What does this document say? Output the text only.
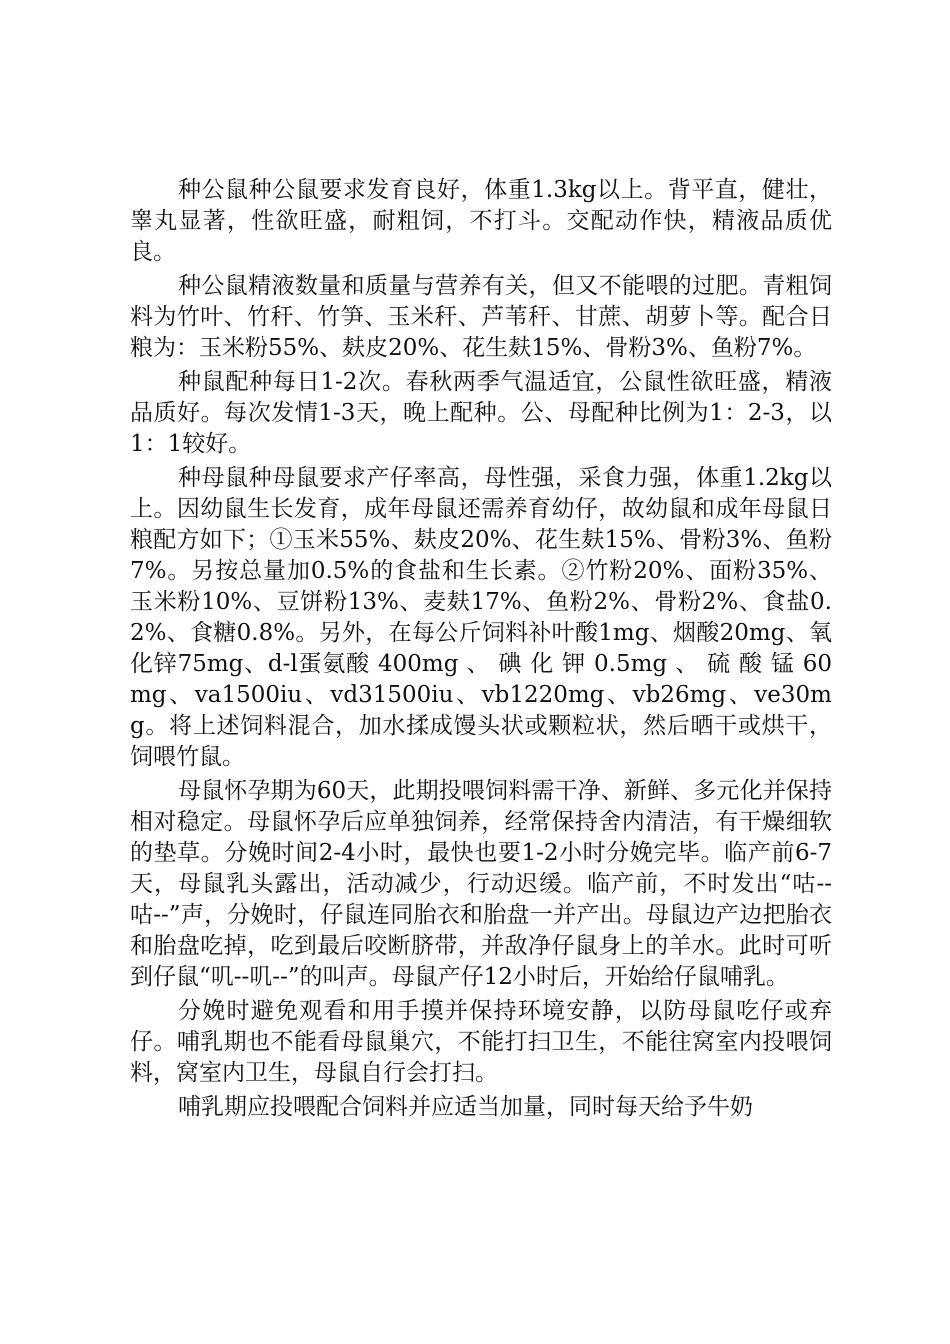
种公鼠种公鼠要求发育良好，体重1.3kg以上。背平直，健壮，睾丸显著，性欲旺盛，耐粗饲，不打斗。交配动作快，精液品质优良。

种公鼠精液数量和质量与营养有关，但又不能喂的过肥。青粗饲料为竹叶、竹秆、竹笋、玉米秆、芦苇秆、甘蔗、胡萝卜等。配合日粮为：玉米粉55%、麸皮20%、花生麸15%、骨粉3%、鱼粉7%。

种鼠配种每日1-2次。春秋两季气温适宜，公鼠性欲旺盛，精液品质好。每次发情1-3天，晚上配种。公、母配种比例为1：2-3，以1：1较好。

种母鼠种母鼠要求产仔率高，母性强，采食力强，体重1.2kg以上。因幼鼠生长发育，成年母鼠还需养育幼仔，故幼鼠和成年母鼠日粮配方如下；①玉米55%、麸皮20%、花生麸15%、骨粉3%、鱼粉7%。另按总量加0.5%的食盐和生长素。②竹粉20%、面粉35%、玉米粉10%、豆饼粉13%、麦麸17%、鱼粉2%、骨粉2%、食盐0.2%、食糖0.8%。另外，在每公斤饲料补叶酸1mg、烟酸20mg、氧化锌75mg、d-l蛋氨酸 400mg 、 碘 化 钾 0.5mg 、 硫 酸 锰 60mg、va1500iu、vd31500iu、vb1220mg、vb26mg、ve30mg。将上述饲料混合，加水揉成馒头状或颗粒状，然后晒干或烘干，饲喂竹鼠。

母鼠怀孕期为60天，此期投喂饲料需干净、新鲜、多元化并保持相对稳定。母鼠怀孕后应单独饲养，经常保持舍内清洁，有干燥细软的垫草。分娩时间2-4小时，最快也要1-2小时分娩完毕。临产前6-7天，母鼠乳头露出，活动减少，行动迟缓。临产前，不时发出“咕--咕--”声，分娩时，仔鼠连同胎衣和胎盘一并产出。母鼠边产边把胎衣和胎盘吃掉，吃到最后咬断脐带，并敌净仔鼠身上的羊水。此时可听到仔鼠“叽--叽--”的叫声。母鼠产仔12小时后，开始给仔鼠哺乳。

分娩时避免观看和用手摸并保持环境安静，以防母鼠吃仔或弃仔。哺乳期也不能看母鼠巢穴，不能打扫卫生，不能往窝室内投喂饲料，窝室内卫生，母鼠自行会打扫。

哺乳期应投喂配合饲料并应适当加量，同时每天给予牛奶
